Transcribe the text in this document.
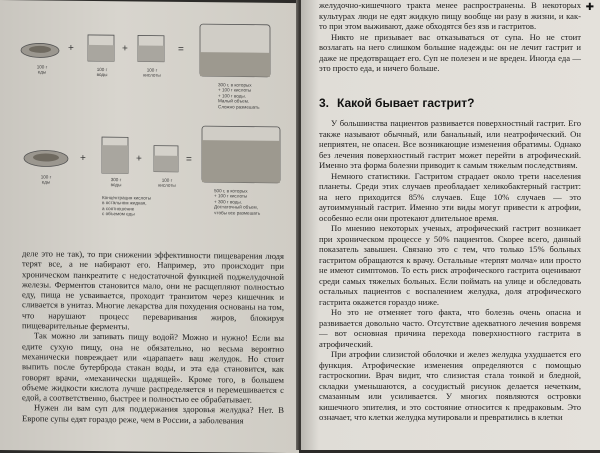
+	+	=
100 г
еды	100 г
воды
100 г
кислоты
300 г, в которых
+ 100 г кислоты
+ 100 г воды.
Малый объем.
Сложно размешать
+	+	=
100 г
еды	300 г
воды
100 г
кислоты
Концентрация кислоты
в остальном жидкая,
а соотношение
с объемом еды
500 г, в которых
+ 100 г кислоты
+ 300 г воды.
Достаточный объем,
чтобы все размешать

деле это не так), то при снижении эффективности пищеварения людя терят все, а не набирают его. Например, это происходит при хроническом панкреатите с недостаточной функцией поджелудочной железы. Ферментов становится мало, они не расщепляют полностью еду, пища не усваивается, проходит транзитом через кишечник и сливается в унитаз. Многие лекарства для похудения основаны на том, что нарушают процесс переваривания жиров, блокируя пищеварительные ферменты.

Так можно ли запивать пищу водой? Можно и нужно! Если вы едите сухую пищу, она не обязательно, но весьма вероятно механически повреждает или «царапает» ваш желудок. Но стоит выпить после бутерброда стакан воды, и эта еда становится, как говорят врачи, «механически щадящей». Кроме того, в большем объеме жидкости кислота лучше распределяется и перемешивается с едой, а соответственно, быстрее и полностью ее обрабатывает.

Нужен ли вам суп для поддержания здоровья желудка? Нет. В Европе супы едят гораздо реже, чем в России, а заболевания

✚

желудочно-кишечного тракта менее распространены. В некоторых культурах люди не едят жидкую пищу вообще ни разу в жизни, и как-то при этом выживают, даже обходятся без язв и гастритов.

Никто не призывает вас отказываться от супа. Но не стоит возлагать на него слишком большие надежды: он не лечит гастрит и даже не предотвращает его. Суп не полезен и не вреден. Иногда еда — это просто еда, и ничего больше.

3. Какой бывает гастрит?

У большинства пациентов развивается поверхностный гастрит. Его также называют обычный, или банальный, или неатрофический. Он неприятен, не опасен. Все возникающие изменения обратимы. Однако без лечения поверхностный гастрит может перейти в атрофический. Именно эта форма болезни приводит к самым тяжелым последствиям.

Немного статистики. Гастритом страдает около трети населения планеты. Среди этих случаев преобладает хеликобактерный гастрит: на него приходится 85% случаев. Еще 10% случаев — это аутоиммунный гастрит. Именно эти виды могут привести к атрофии, особенно если они протекают длительное время.

По мнению некоторых ученых, атрофический гастрит возникает при хроническом процессе у 50% пациентов. Скорее всего, данный показатель завышен. Связано это с тем, что только 15% больных гастритом обращаются к врачу. Остальные «терпят молча» или просто не имеют симптомов. То есть риск атрофического гастрита оценивают среди самых тяжелых больных. Если поймать на улице и обследовать остальных пациентов с воспалением желудка, доля атрофического гастрита окажется гораздо ниже.

Но это не отменяет того факта, что болезнь очень опасна и развивается довольно часто. Отсутствие адекватного лечения вовремя — вот основная причина перехода поверхностного гастрита в атрофический.

При атрофии слизистой оболочки и желез желудка ухудшается его функция. Атрофические изменения определяются с помощью гастроскопии. Врач видит, что слизистая стала тонкой и бледной, складки уменьшаются, а сосудистый рисунок делается нечетким, смазанным или усиливается. У многих появляются островки кишечного эпителия, и это состояние относится к предраковым. Это означает, что клетки желудка мутировали и превратились в клетки
